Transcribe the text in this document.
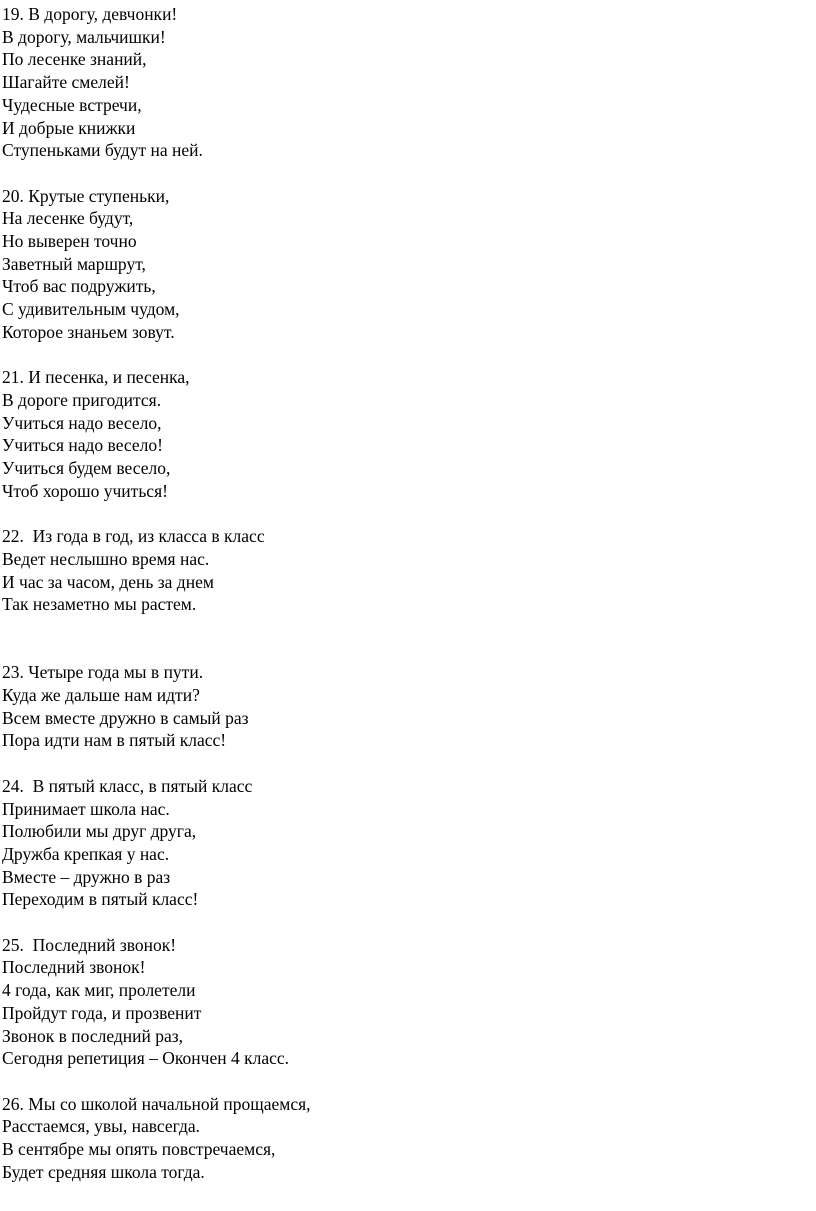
19. В дорогу, девчонки!
В дорогу, мальчишки!
По лесенке знаний,
Шагайте смелей!
Чудесные встречи,
И добрые книжки
Ступеньками будут на ней.
20. Крутые ступеньки,
На лесенке будут,
Но выверен точно
Заветный маршрут,
Чтоб вас подружить,
С удивительным чудом,
Которое знаньем зовут.
21. И песенка, и песенка,
В дороге пригодится.
Учиться надо весело,
Учиться надо весело!
Учиться будем весело,
Чтоб хорошо учиться!
22.  Из года в год, из класса в класс
Ведет неслышно время нас.
И час за часом, день за днем
Так незаметно мы растем.
23. Четыре года мы в пути.
Куда же дальше нам идти?
Всем вместе дружно в самый раз
Пора идти нам в пятый класс!
24.  В пятый класс, в пятый класс
Принимает школа нас.
Полюбили мы друг друга,
Дружба крепкая у нас.
Вместе – дружно в раз
Переходим в пятый класс!
25.  Последний звонок!
Последний звонок!
4 года, как миг, пролетели
Пройдут года, и прозвенит
Звонок в последний раз,
Сегодня репетиция – Окончен 4 класс.
26. Мы со школой начальной прощаемся,
Расстаемся, увы, навсегда.
В сентябре мы опять повстречаемся,
Будет средняя школа тогда.
